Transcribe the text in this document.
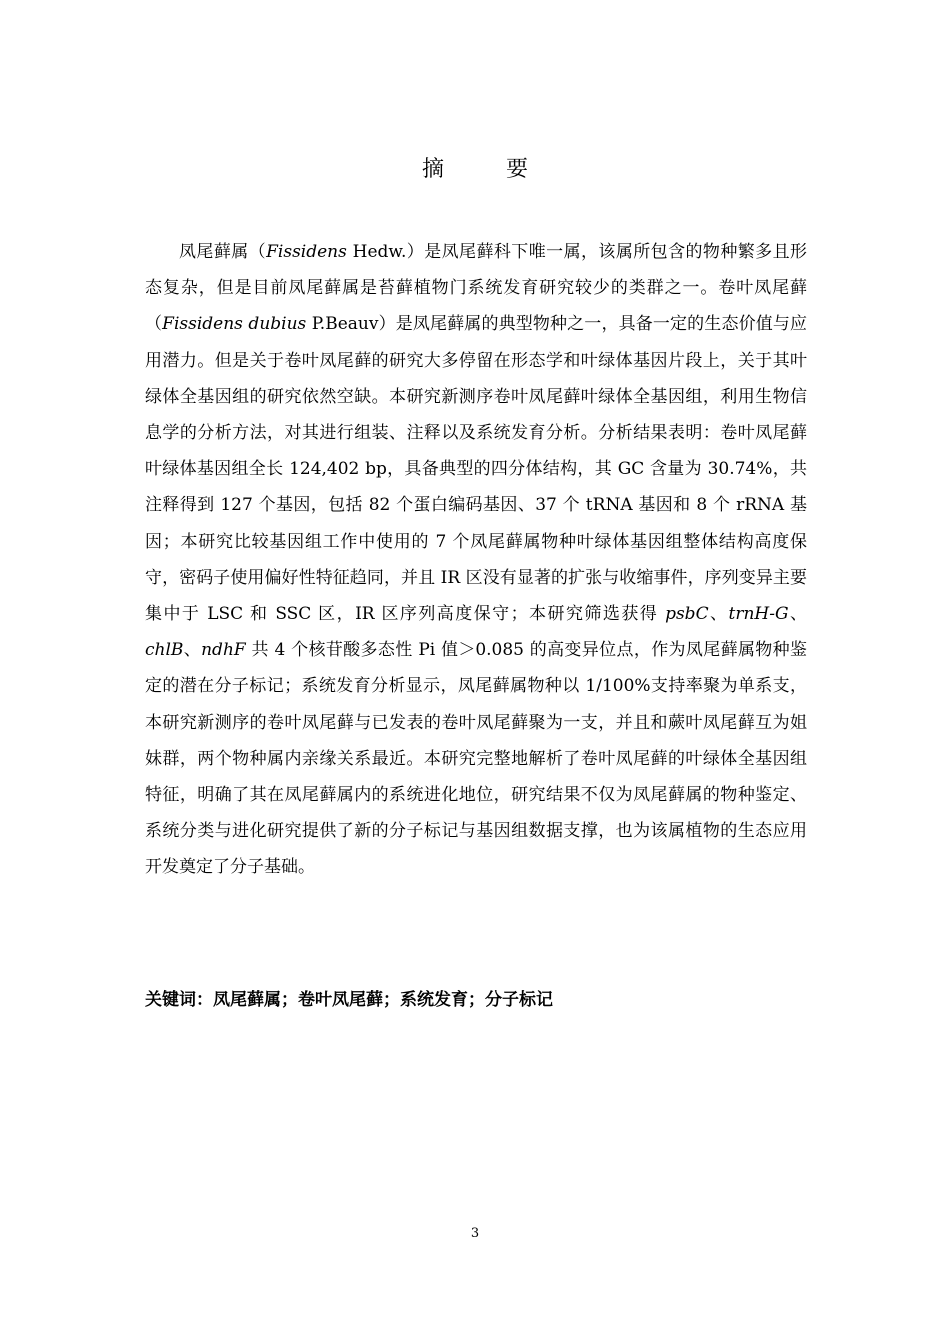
摘　要

凤尾藓属（Fissidens Hedw.）是凤尾藓科下唯一属，该属所包含的物种繁多且形态复杂，但是目前凤尾藓属是苔藓植物门系统发育研究较少的类群之一。卷叶凤尾藓（Fissidens dubius P.Beauv）是凤尾藓属的典型物种之一，具备一定的生态价值与应用潜力。但是关于卷叶凤尾藓的研究大多停留在形态学和叶绿体基因片段上，关于其叶绿体全基因组的研究依然空缺。本研究新测序卷叶凤尾藓叶绿体全基因组，利用生物信息学的分析方法，对其进行组装、注释以及系统发育分析。分析结果表明：卷叶凤尾藓叶绿体基因组全长 124,402 bp，具备典型的四分体结构，其 GC 含量为 30.74%，共注释得到 127 个基因，包括 82 个蛋白编码基因、37 个 tRNA 基因和 8 个 rRNA 基因；本研究比较基因组工作中使用的 7 个凤尾藓属物种叶绿体基因组整体结构高度保守，密码子使用偏好性特征趋同，并且 IR 区没有显著的扩张与收缩事件，序列变异主要集中于 LSC 和 SSC 区，IR 区序列高度保守；本研究筛选获得 psbC、trnH-G、chlB、ndhF 共 4 个核苷酸多态性 Pi 值＞0.085 的高变异位点，作为凤尾藓属物种鉴定的潜在分子标记；系统发育分析显示，凤尾藓属物种以 1/100%支持率聚为单系支，本研究新测序的卷叶凤尾藓与已发表的卷叶凤尾藓聚为一支，并且和蕨叶凤尾藓互为姐妹群，两个物种属内亲缘关系最近。本研究完整地解析了卷叶凤尾藓的叶绿体全基因组特征，明确了其在凤尾藓属内的系统进化地位，研究结果不仅为凤尾藓属的物种鉴定、系统分类与进化研究提供了新的分子标记与基因组数据支撑，也为该属植物的生态应用开发奠定了分子基础。

关键词：凤尾藓属；卷叶凤尾藓；系统发育；分子标记
3
